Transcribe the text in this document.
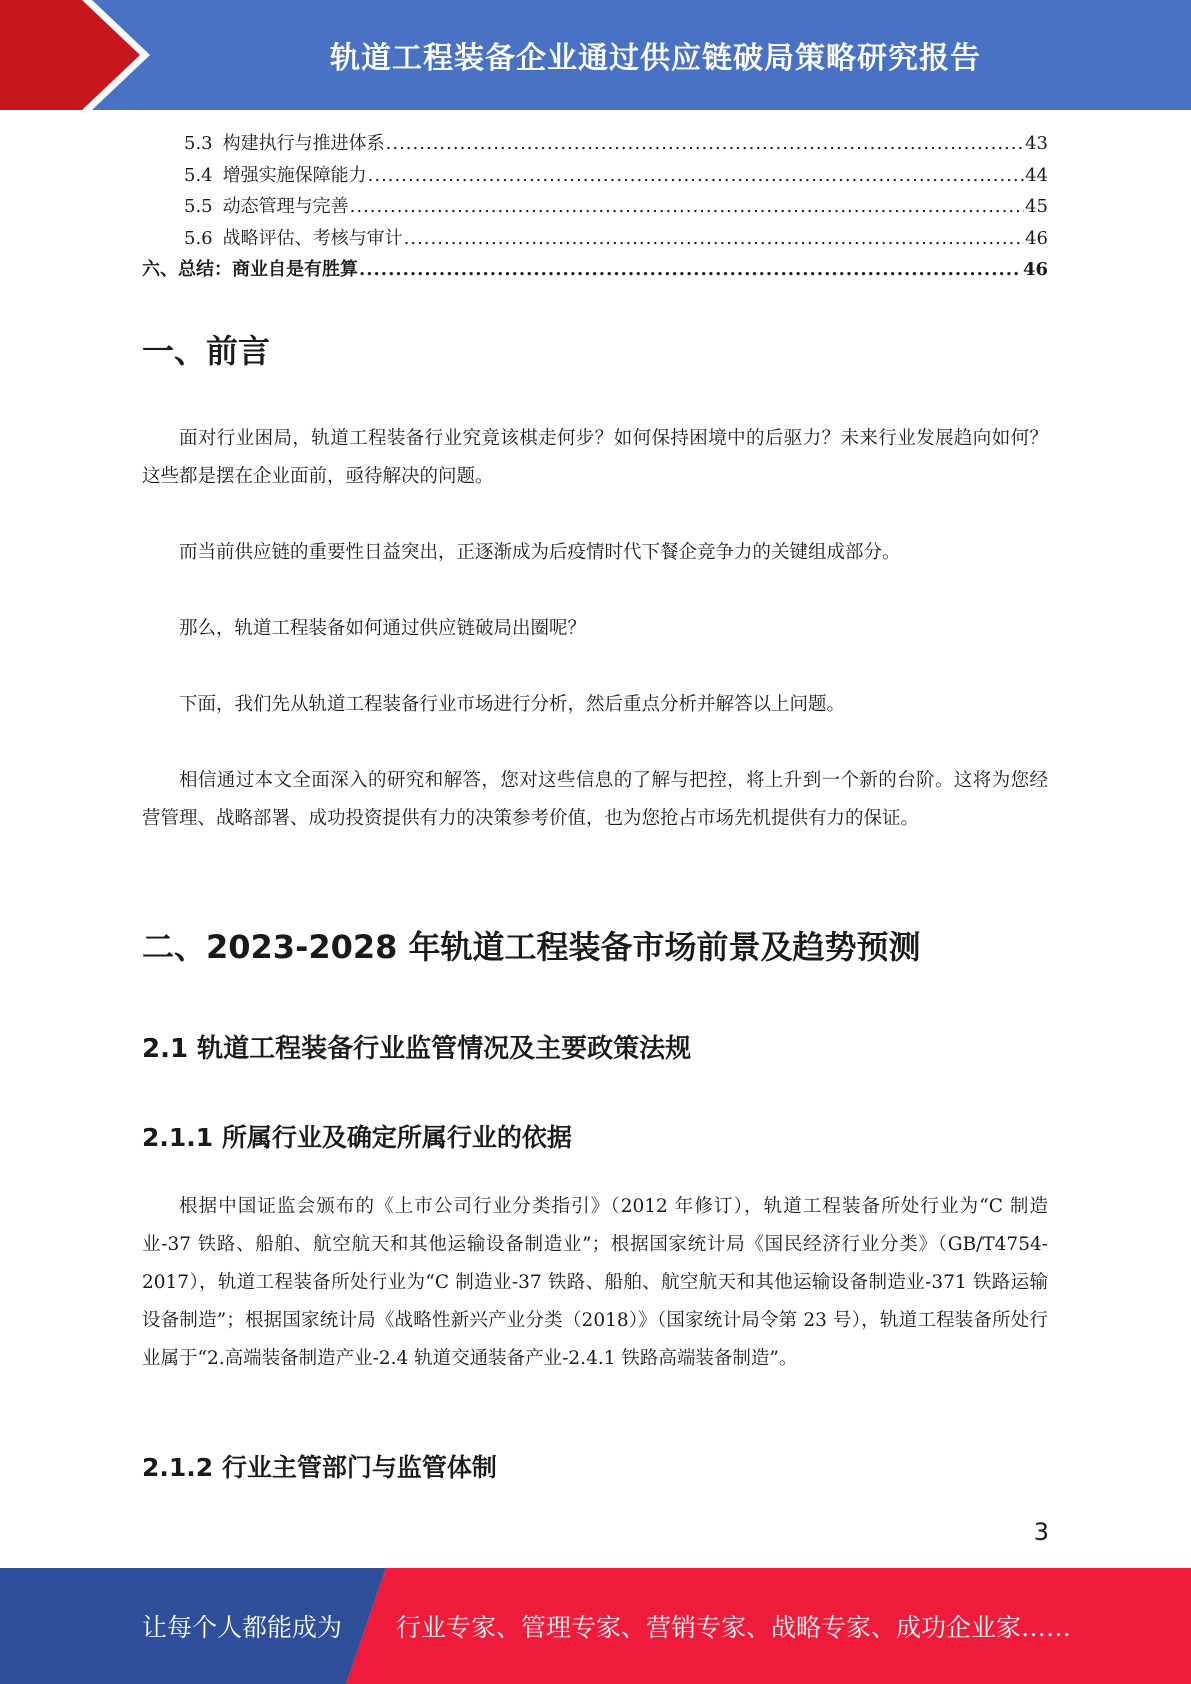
轨道工程装备企业通过供应链破局策略研究报告
5.3 构建执行与推进体系 .....	43
5.4 增强实施保障能力 .....	44
5.5 动态管理与完善 .....	45
5.6 战略评估、考核与审计 .....	46
六、总结：商业自是有胜算 .....	46
一、前言

面对行业困局，轨道工程装备行业究竟该棋走何步？如何保持困境中的后驱力？未来行业发展趋向如何？这些都是摆在企业面前，亟待解决的问题。

而当前供应链的重要性日益突出，正逐渐成为后疫情时代下餐企竞争力的关键组成部分。

那么，轨道工程装备如何通过供应链破局出圈呢？

下面，我们先从轨道工程装备行业市场进行分析，然后重点分析并解答以上问题。

相信通过本文全面深入的研究和解答，您对这些信息的了解与把控，将上升到一个新的台阶。这将为您经营管理、战略部署、成功投资提供有力的决策参考价值，也为您抢占市场先机提供有力的保证。

二、2023-2028 年轨道工程装备市场前景及趋势预测
2.1 轨道工程装备行业监管情况及主要政策法规
2.1.1 所属行业及确定所属行业的依据

根据中国证监会颁布的《上市公司行业分类指引》（2012 年修订），轨道工程装备所处行业为“C 制造业-37 铁路、船舶、航空航天和其他运输设备制造业”；根据国家统计局《国民经济行业分类》（GB/T4754-2017），轨道工程装备所处行业为“C 制造业-37 铁路、船舶、航空航天和其他运输设备制造业-371 铁路运输设备制造”；根据国家统计局《战略性新兴产业分类（2018）》（国家统计局令第 23 号），轨道工程装备所处行业属于“2.高端装备制造产业-2.4 轨道交通装备产业-2.4.1 铁路高端装备制造”。

2.1.2 行业主管部门与监管体制
3
让每个人都能成为 行业专家、管理专家、营销专家、战略专家、成功企业家……
